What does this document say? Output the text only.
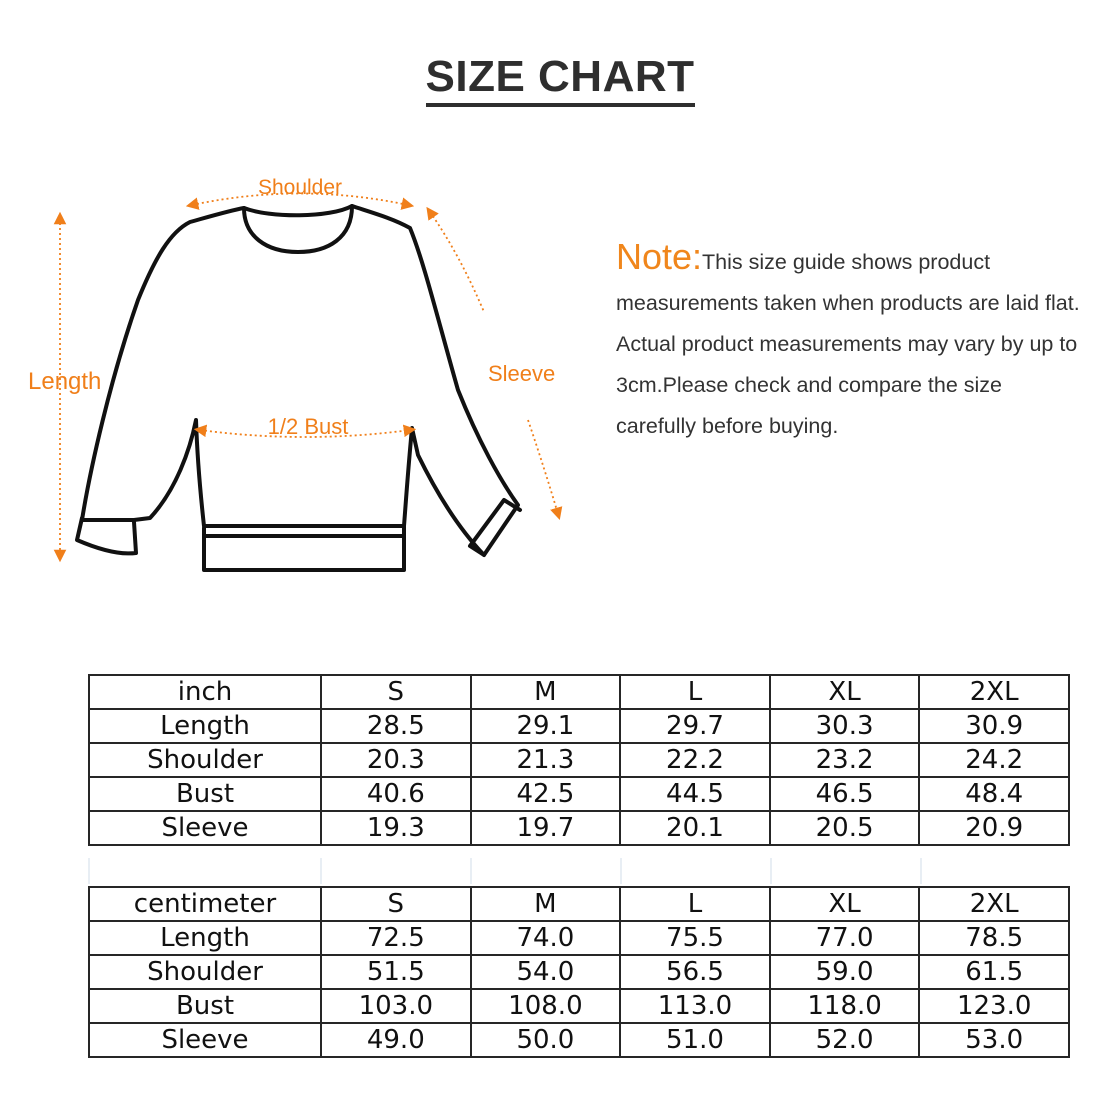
SIZE CHART
Shoulder
Length	Sleeve
1/2 Bust
Note:This size guide shows product measurements taken when products are laid flat. Actual product measurements may vary by up to 3cm.Please check and compare the size carefully before buying.
inch	S	M	L	XL	2XL
Length	28.5	29.1	29.7	30.3	30.9
Shoulder	20.3	21.3	22.2	23.2	24.2
Bust	40.6	42.5	44.5	46.5	48.4
Sleeve	19.3	19.7	20.1	20.5	20.9
centimeter	S	M	L	XL	2XL
Length	72.5	74.0	75.5	77.0	78.5
Shoulder	51.5	54.0	56.5	59.0	61.5
Bust	103.0	108.0	113.0	118.0	123.0
Sleeve	49.0	50.0	51.0	52.0	53.0
